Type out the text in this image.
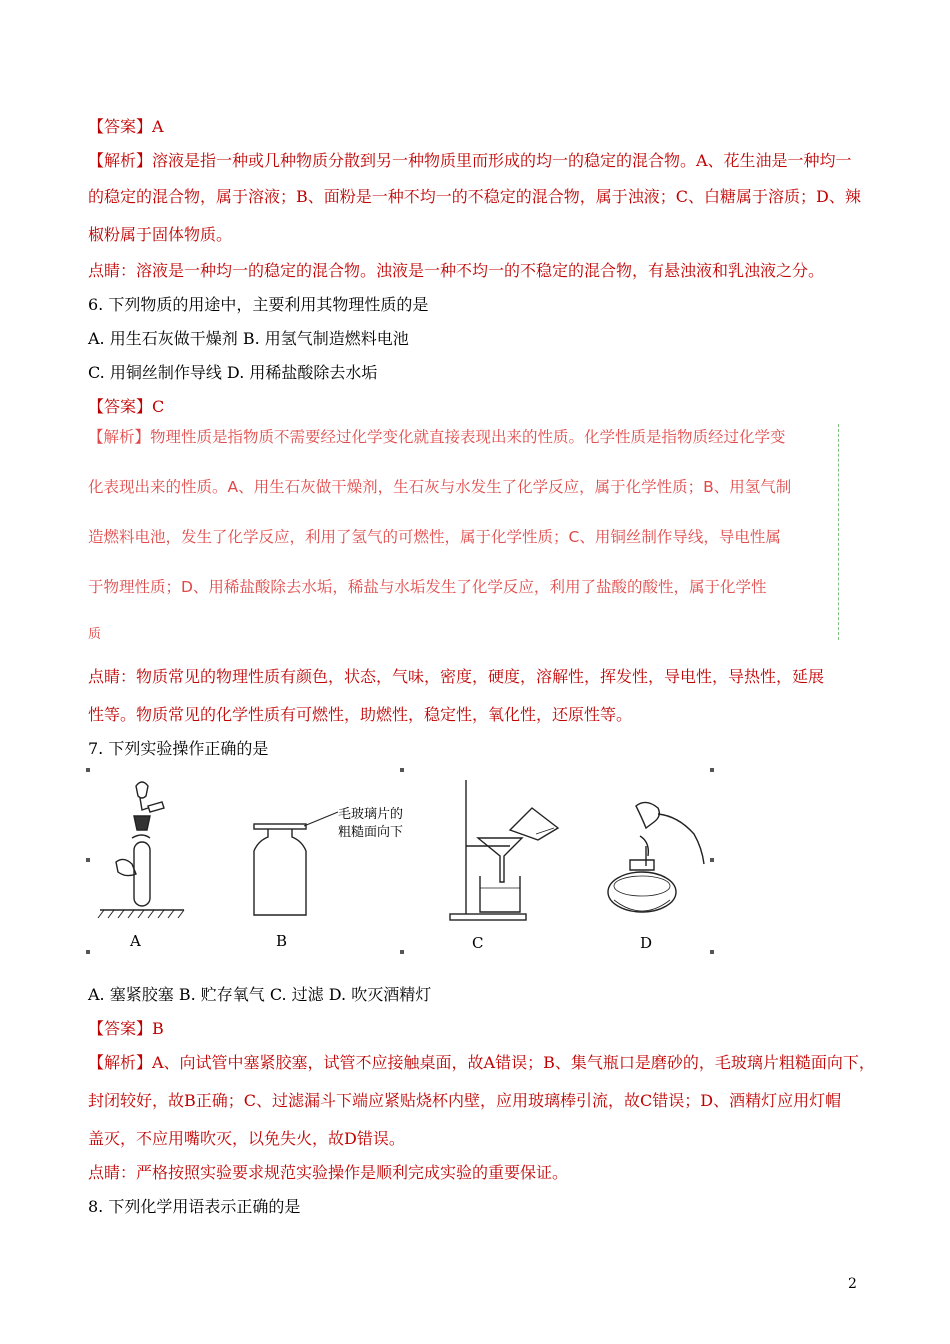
【答案】A
【解析】溶液是指一种或几种物质分散到另一种物质里而形成的均一的稳定的混合物。A、花生油是一种均一
的稳定的混合物，属于溶液；B、面粉是一种不均一的不稳定的混合物，属于浊液；C、白糖属于溶质；D、辣
椒粉属于固体物质。
点睛：溶液是一种均一的稳定的混合物。浊液是一种不均一的不稳定的混合物，有悬浊液和乳浊液之分。
6. 下列物质的用途中，主要利用其物理性质的是
A. 用生石灰做干燥剂 B. 用氢气制造燃料电池
C. 用铜丝制作导线 D. 用稀盐酸除去水垢
【答案】C
【解析】物理性质是指物质不需要经过化学变化就直接表现出来的性质。化学性质是指物质经过化学变
化表现出来的性质。A、用生石灰做干燥剂，生石灰与水发生了化学反应，属于化学性质；B、用氢气制
造燃料电池，发生了化学反应，利用了氢气的可燃性，属于化学性质；C、用铜丝制作导线，导电性属
于物理性质；D、用稀盐酸除去水垢，稀盐与水垢发生了化学反应，利用了盐酸的酸性，属于化学性
质
点睛：物质常见的物理性质有颜色，状态，气味，密度，硬度，溶解性，挥发性，导电性，导热性，延展
性等。物质常见的化学性质有可燃性，助燃性，稳定性，氧化性，还原性等。
7. 下列实验操作正确的是
A
毛玻璃片的
粗糙面向下
B	C	D
A. 塞紧胶塞 B. 贮存氧气 C. 过滤 D. 吹灭酒精灯
【答案】B
【解析】A、向试管中塞紧胶塞，试管不应接触桌面，故A错误；B、集气瓶口是磨砂的，毛玻璃片粗糙面向下，
封闭较好，故B正确；C、过滤漏斗下端应紧贴烧杯内壁，应用玻璃棒引流，故C错误；D、酒精灯应用灯帽
盖灭，不应用嘴吹灭，以免失火，故D错误。
点睛：严格按照实验要求规范实验操作是顺利完成实验的重要保证。
8. 下列化学用语表示正确的是
2
